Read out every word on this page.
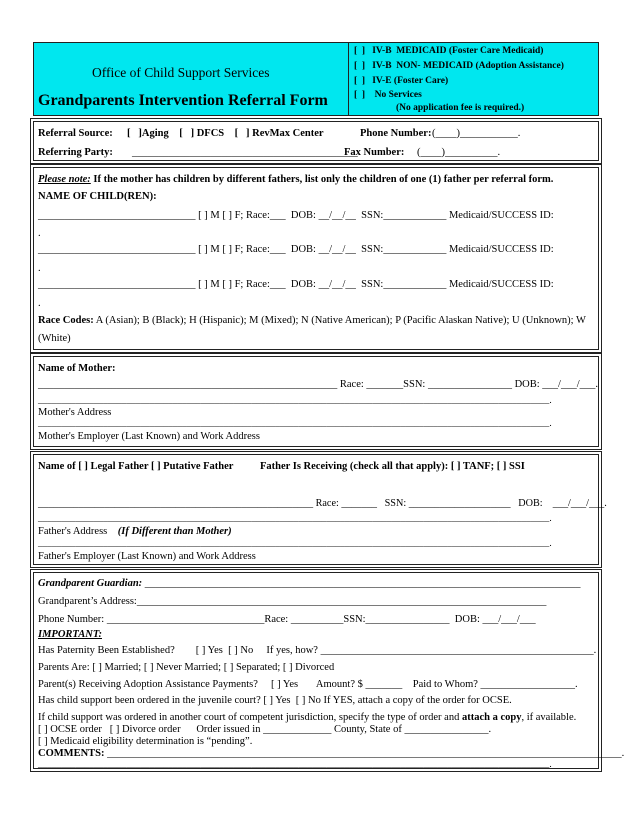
Office of Child Support Services
Grandparents Intervention Referral Form
[  ]   IV-B  MEDICAID (Foster Care Medicaid)
[  ]   IV-B  NON- MEDICAID (Adoption Assistance)
[  ]   IV-E (Foster Care)
[  ]    No Services
(No application fee is required.)
Referral Source: [   ]Aging    [   ] DFCS    [   ] RevMax Center	Phone Number: (____)___________.
Referring Party: ___________________________________________
Fax Number: (____)__________.
Please note: If the mother has children by different fathers, list only the children of one (1) father per referral form.
NAME OF CHILD(REN):
______________________________ [ ] M [ ] F; Race:___  DOB: __/__/__  SSN:____________ Medicaid/SUCCESS ID:
.
______________________________ [ ] M [ ] F; Race:___  DOB: __/__/__  SSN:____________ Medicaid/SUCCESS ID:
.
______________________________ [ ] M [ ] F; Race:___  DOB: __/__/__  SSN:____________ Medicaid/SUCCESS ID:
.
Race Codes: A (Asian); B (Black); H (Hispanic); M (Mixed); N (Native American); P (Pacific Alaskan Native); U (Unknown); W
(White)
Name of Mother:
_________________________________________________________ Race: _______SSN: ________________ DOB: ___/___/___.
______________________________________________________________________________________________________________.
Mother's Address
______________________________________________________________________________________________________________.
Mother's Employer (Last Known) and Work Address
Name of [ ] Legal Father [ ] Putative Father	Father Is Receiving (check all that apply): [ ] TANF; [ ] SSI
______________________________________________________ Race: _______   SSN: ____________________   DOB:    ___/___/___.
______________________________________________________________________________________________________________.
Father's Address (If Different than Mother)
______________________________________________________________________________________________________________.
Father's Employer (Last Known) and Work Address
Grandparent Guardian: ___________________________________________________________________________________
Grandparent’s Address:______________________________________________________________________________
Phone Number: ______________________________Race: __________SSN:________________  DOB: ___/___/___
IMPORTANT:
Has Paternity Been Established?        [ ] Yes  [ ] No     If yes, how? ____________________________________________________.
Parents Are: [ ] Married; [ ] Never Married; [ ] Separated; [ ] Divorced
Parent(s) Receiving Adoption Assistance Payments?     [ ] Yes       Amount? $ _______    Paid to Whom? __________________.
Has child support been ordered in the juvenile court? [ ] Yes  [ ] No If YES, attach a copy of the order for OCSE.
If child support was ordered in another court of competent jurisdiction, specify the type of order and attach a copy, if available.
[ ] OCSE order   [ ] Divorce order      Order issued in _____________ County, State of ________________.
[ ] Medicaid eligibility determination is “pending”.
COMMENTS: __________________________________________________________________________________________________.
______________________________________________________________________________________________________________.
